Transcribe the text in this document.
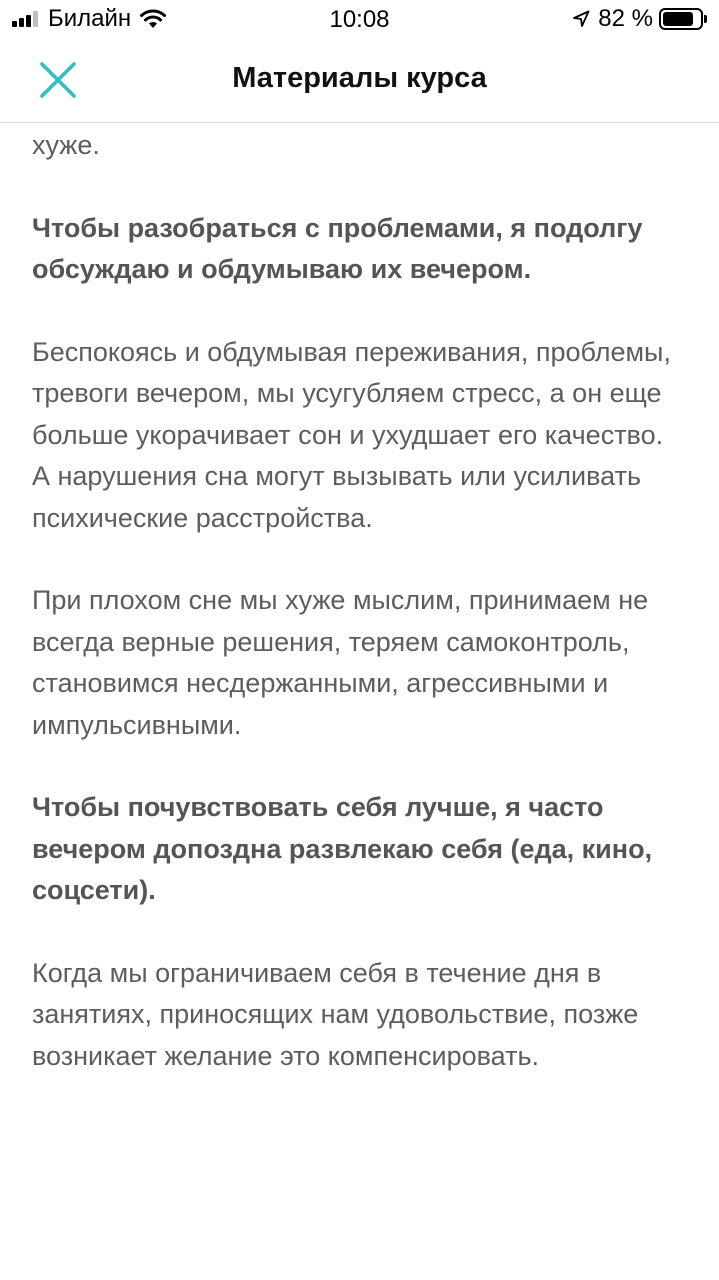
Билайн	10:08	82 %
Материалы курса

хуже.

Чтобы разобраться с проблемами, я подолгу обсуждаю и обдумываю их вечером.

Беспокоясь и обдумывая переживания, проблемы, тревоги вечером, мы усугубляем стресс, а он еще больше укорачивает сон и ухудшает его качество. А нарушения сна могут вызывать или усиливать психические расстройства.

При плохом сне мы хуже мыслим, принимаем не всегда верные решения, теряем самоконтроль, становимся несдержанными, агрессивными и импульсивными.

Чтобы почувствовать себя лучше, я часто вечером допоздна развлекаю себя (еда, кино, соцсети).

Когда мы ограничиваем себя в течение дня в занятиях, приносящих нам удовольствие, позже возникает желание это компенсировать.
